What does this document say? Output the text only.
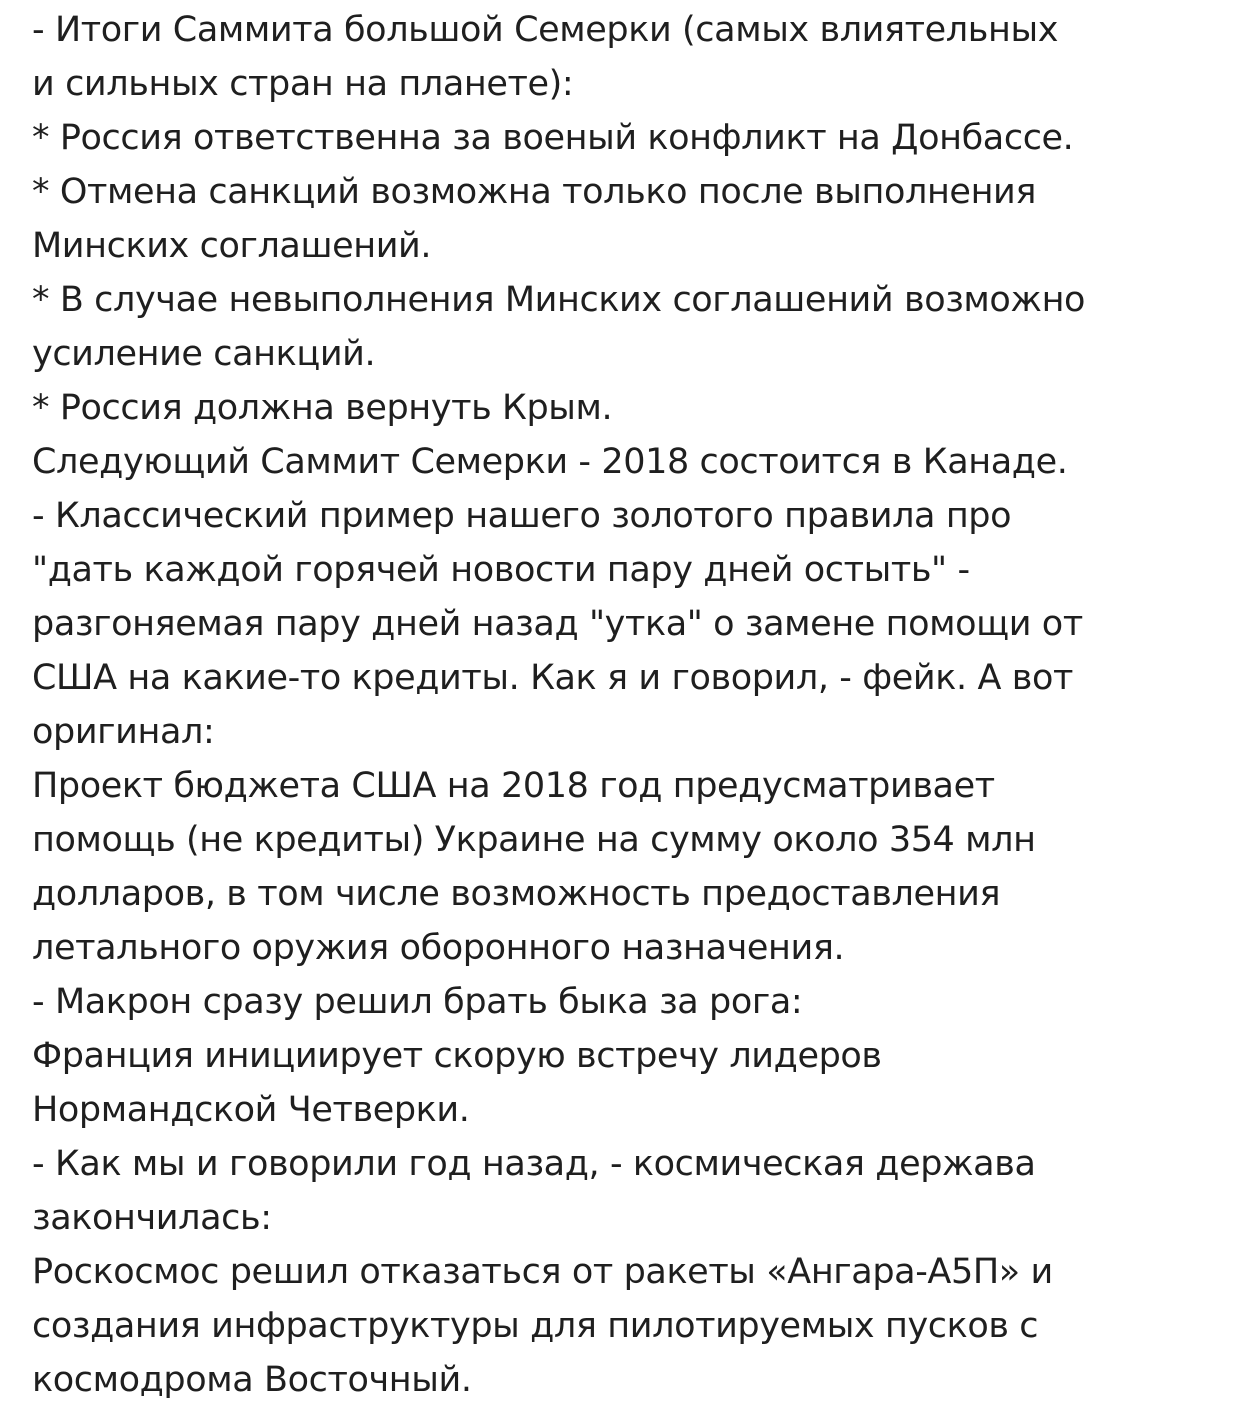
- Итоги Саммита большой Семерки (самых влиятельных
и сильных стран на планете):
* Россия ответственна за военый конфликт на Донбассе.
* Отмена санкций возможна только после выполнения
Минских соглашений.
* В случае невыполнения Минских соглашений возможно
усиление санкций.
* Россия должна вернуть Крым.
Следующий Саммит Семерки - 2018 состоится в Канаде.
- Классический пример нашего золотого правила про
"дать каждой горячей новости пару дней остыть" -
разгоняемая пару дней назад "утка" о замене помощи от
США на какие-то кредиты. Как я и говорил, - фейк. А вот
оригинал:
Проект бюджета США на 2018 год предусматривает
помощь (не кредиты) Украине на сумму около 354 млн
долларов, в том числе возможность предоставления
летального оружия оборонного назначения.
- Макрон сразу решил брать быка за рога:
Франция инициирует скорую встречу лидеров
Нормандской Четверки.
- Как мы и говорили год назад, - космическая держава
закончилась:
Роскосмос решил отказаться от ракеты «Ангара-А5П» и
создания инфраструктуры для пилотируемых пусков с
космодрома Восточный.
